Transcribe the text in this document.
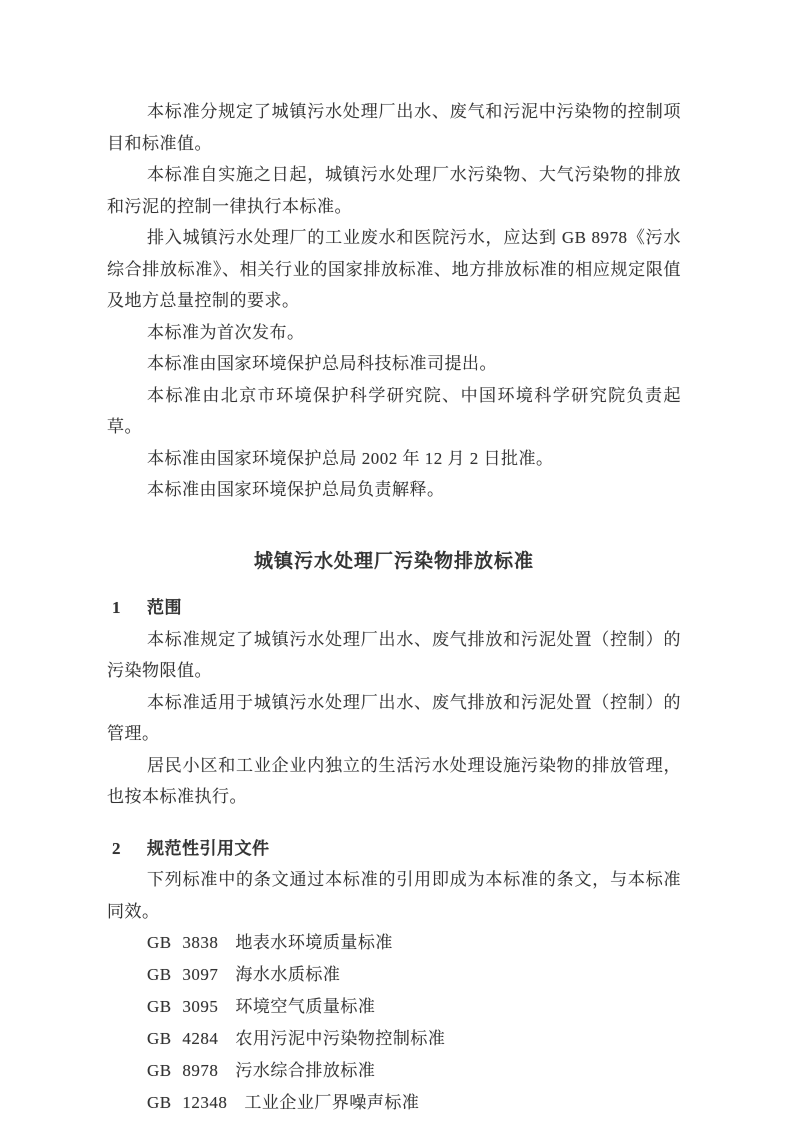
本标准分规定了城镇污水处理厂出水、废气和污泥中污染物的控制项目和标准值。

本标准自实施之日起，城镇污水处理厂水污染物、大气污染物的排放和污泥的控制一律执行本标准。

排入城镇污水处理厂的工业废水和医院污水，应达到 GB 8978《污水综合排放标准》、相关行业的国家排放标准、地方排放标准的相应规定限值及地方总量控制的要求。

本标准为首次发布。

本标准由国家环境保护总局科技标准司提出。

本标准由北京市环境保护科学研究院、中国环境科学研究院负责起草。

本标准由国家环境保护总局 2002 年 12 月 2 日批准。

本标准由国家环境保护总局负责解释。

城镇污水处理厂污染物排放标准
1 范围

本标准规定了城镇污水处理厂出水、废气排放和污泥处置（控制）的污染物限值。

本标准适用于城镇污水处理厂出水、废气排放和污泥处置（控制）的管理。

居民小区和工业企业内独立的生活污水处理设施污染物的排放管理，也按本标准执行。

2 规范性引用文件

下列标准中的条文通过本标准的引用即成为本标准的条文，与本标准同效。

GB 3838 地表水环境质量标准

GB 3097 海水水质标准

GB 3095 环境空气质量标准

GB 4284 农用污泥中污染物控制标准

GB 8978 污水综合排放标准

GB 12348 工业企业厂界噪声标准
